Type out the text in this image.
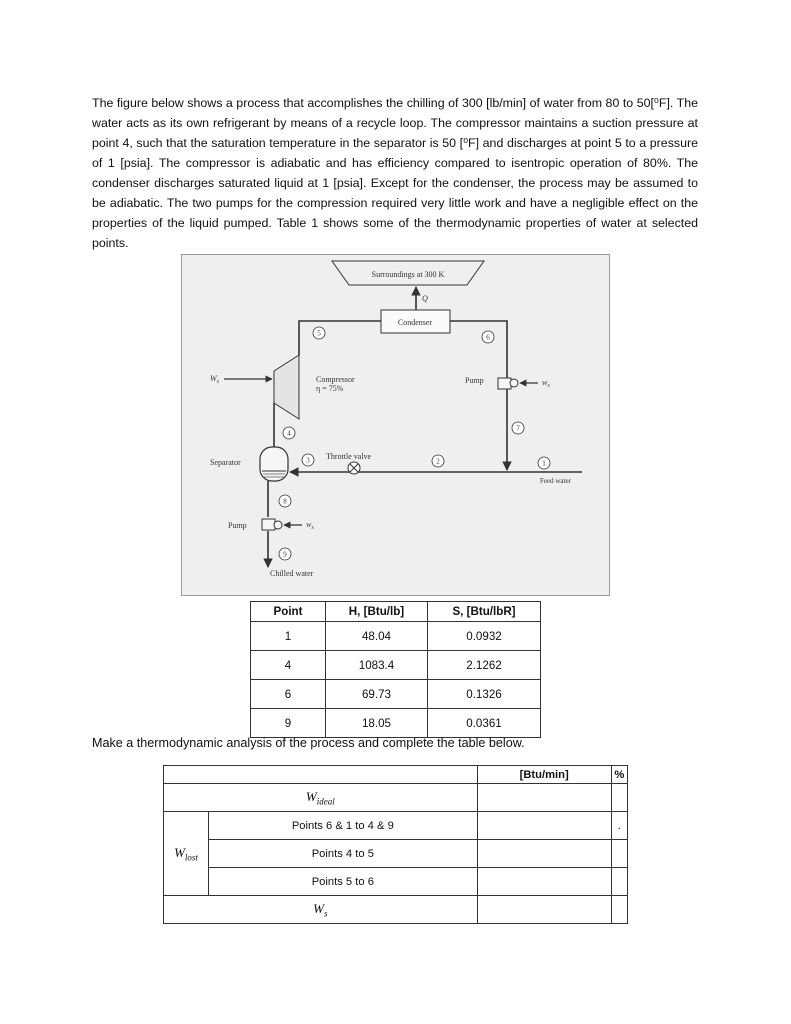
The figure below shows a process that accomplishes the chilling of 300 [lb/min] of water from 80 to 50[⁰F]. The water acts as its own refrigerant by means of a recycle loop. The compressor maintains a suction pressure at point 4, such that the saturation temperature in the separator is 50 [⁰F] and discharges at point 5 to a pressure of 1 [psia]. The compressor is adiabatic and has efficiency compared to isentropic operation of 80%. The condenser discharges saturated liquid at 1 [psia]. Except for the condenser, the process may be assumed to be adiabatic. The two pumps for the compression required very little work and have a negligible effect on the properties of the liquid pumped. Table 1 shows some of the thermodynamic properties of water at selected points.

Surroundings at 300 K
Q
Condenser
Compressor
η = 75%
$W_s$
Separator
Throttle valve
Pump	$w_s$
Feed water
Pump	$w_s$
Chilled water
1
2
3
4
5	6
7
8
9
Point	H, [Btu/lb]	S, [Btu/lbR]
1	48.04	0.0932
4	1083.4	2.1262
6	69.73	0.1326
9	18.05	0.0361

Make a thermodynamic analysis of the process and complete the table below.

		[Btu/min]	%
$W_{ideal}$		
$W_{lost}$	Points 6 & 1 to 4 & 9		.
	Points 4 to 5		
	Points 5 to 6		
$W_s$		
